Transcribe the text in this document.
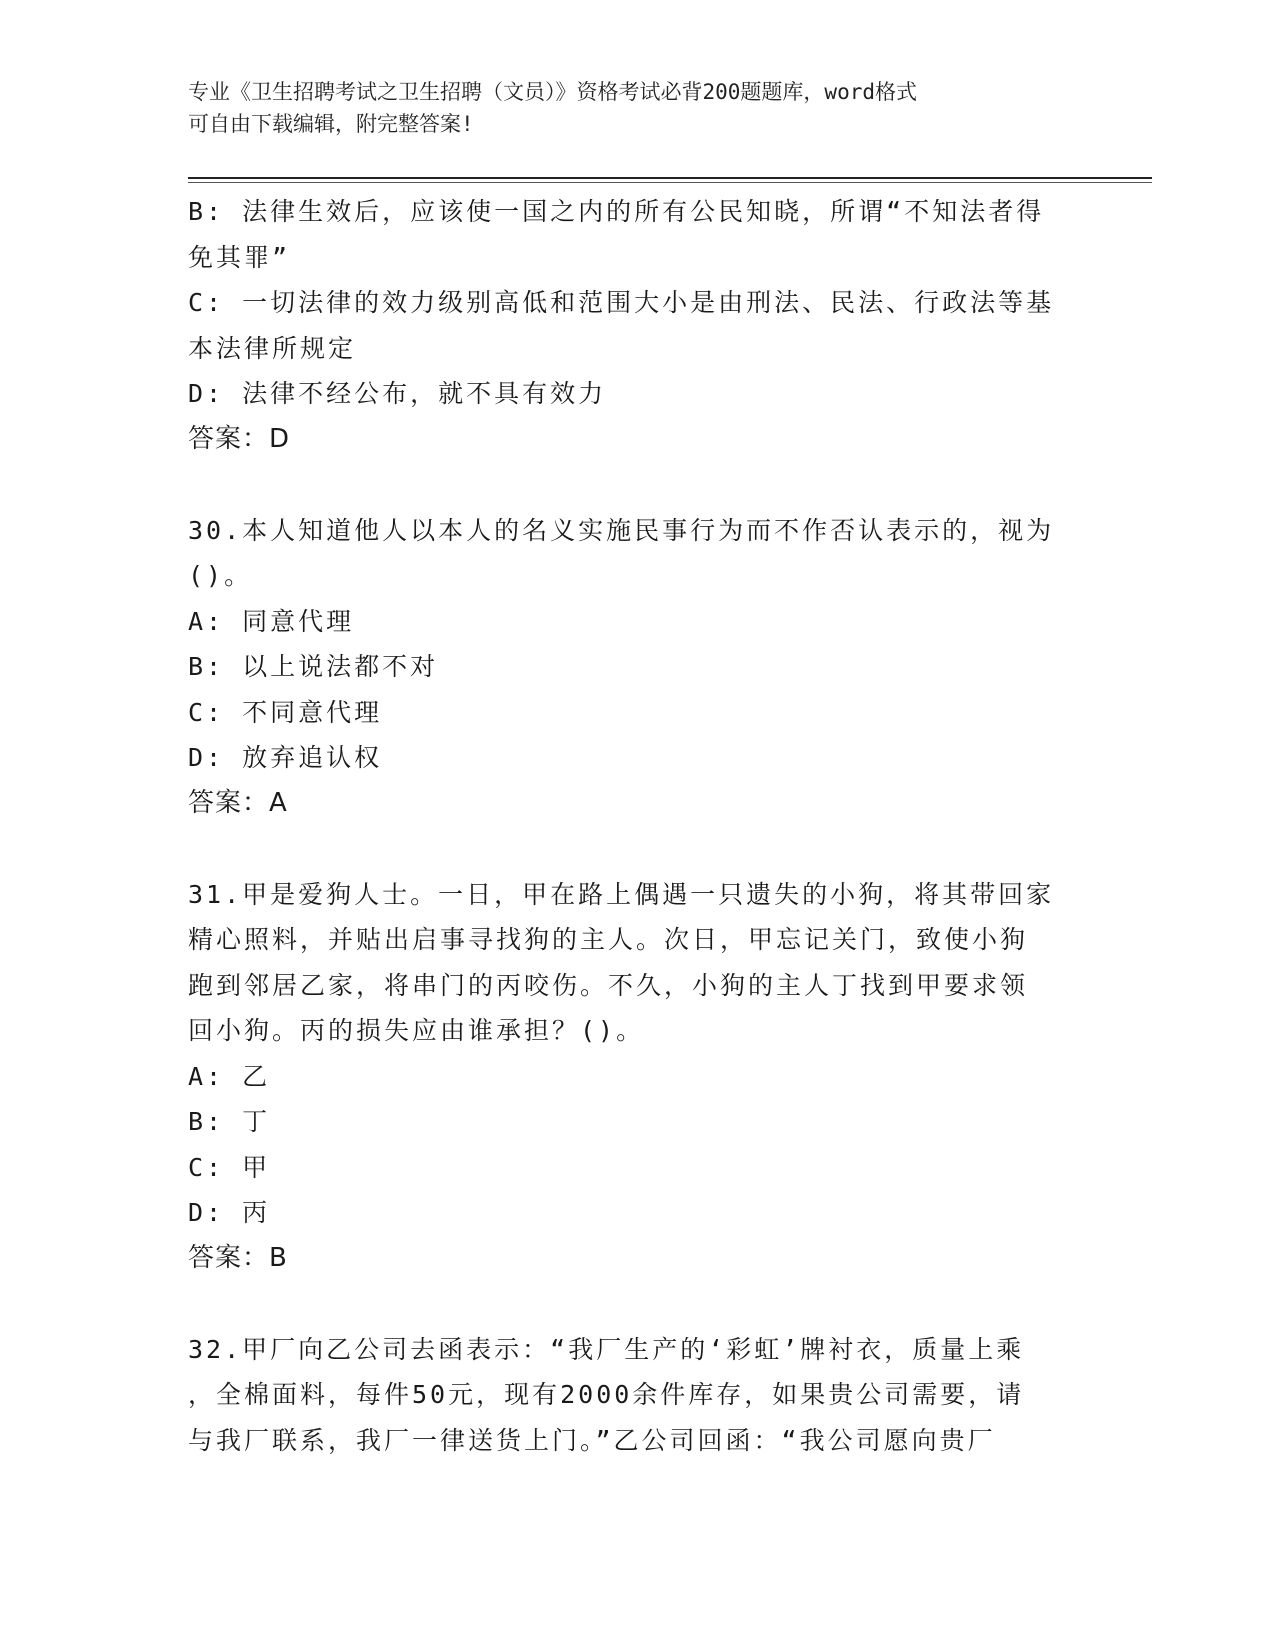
专业《卫生招聘考试之卫生招聘（文员）》资格考试必背200题题库，word格式
可自由下载编辑，附完整答案!
B: 法律生效后，应该使一国之内的所有公民知晓，所谓“不知法者得
免其罪”
C: 一切法律的效力级别高低和范围大小是由刑法、民法、行政法等基
本法律所规定
D: 法律不经公布，就不具有效力
答案：D
30.本人知道他人以本人的名义实施民事行为而不作否认表示的，视为
()。
A: 同意代理
B: 以上说法都不对
C: 不同意代理
D: 放弃追认权
答案：A
31.甲是爱狗人士。一日，甲在路上偶遇一只遗失的小狗，将其带回家
精心照料，并贴出启事寻找狗的主人。次日，甲忘记关门，致使小狗
跑到邻居乙家，将串门的丙咬伤。不久，小狗的主人丁找到甲要求领
回小狗。丙的损失应由谁承担？()。
A: 乙
B: 丁
C: 甲
D: 丙
答案：B
32.甲厂向乙公司去函表示：“我厂生产的‘彩虹’牌衬衣，质量上乘
，全棉面料，每件50元，现有2000余件库存，如果贵公司需要，请
与我厂联系，我厂一律送货上门。”乙公司回函：“我公司愿向贵厂
